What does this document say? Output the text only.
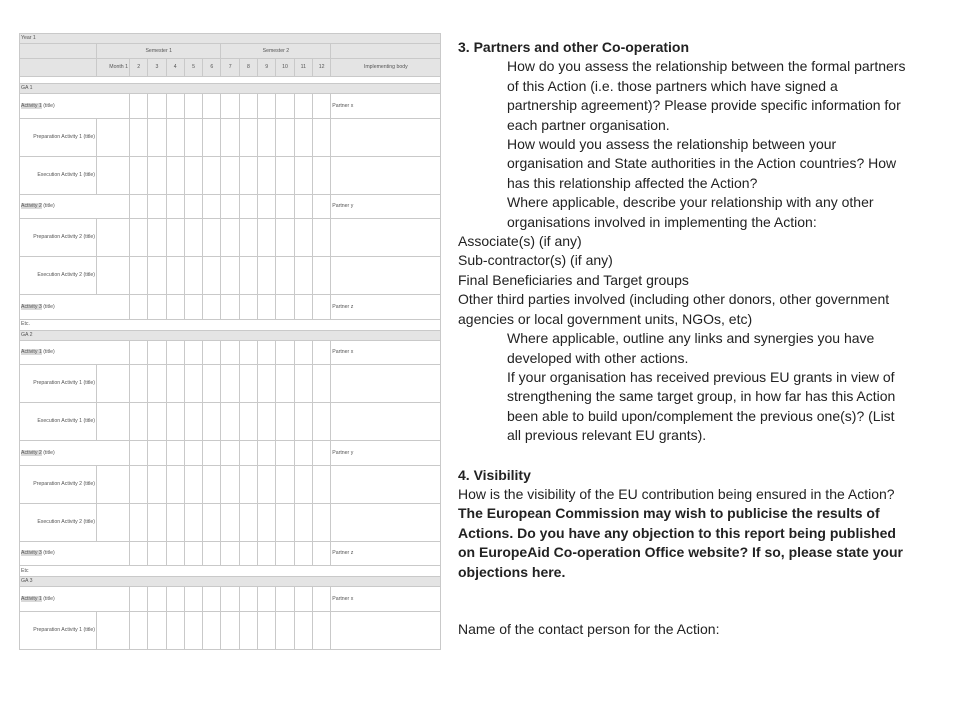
Year 1													
	Semester 1						Semester 2						
	Month 1	2	3	4	5	6	7	8	9	10	11	12	Implementing body

GA 1													
Activity 1 (title)													Partner x
Preparation Activity 1 (title)													
Execution Activity 1 (title)													
Activity 2 (title)													Partner y
Preparation Activity 2 (title)													
Execution Activity 2 (title)													
Activity 3 (title)													Partner z
Etc.													
GA 2													
Activity 1 (title)													Partner x
Preparation Activity 1 (title)													
Execution Activity 1 (title)													
Activity 2 (title)													Partner y
Preparation Activity 2 (title)													
Execution Activity 2 (title)													
Activity 3 (title)													Partner z
Etc													
GA 3													
Activity 1 (title)													Partner x
Preparation Activity 1 (title)													

3. Partners and other Co-operation

How do you assess the relationship between the formal partners of this Action (i.e. those partners which have signed a partnership agreement)? Please provide specific information for each partner organisation.

How would you assess the relationship between your organisation and State authorities in the Action countries? How has this relationship affected the Action?

Where applicable, describe your relationship with any other organisations involved in implementing the Action:

Associate(s) (if any)

Sub-contractor(s) (if any)

Final Beneficiaries and Target groups

Other third parties involved (including other donors, other government agencies or local government units, NGOs, etc)

Where applicable, outline any links and synergies you have developed with other actions.

If your organisation has received previous EU grants in view of strengthening the same target group, in how far has this Action been able to build upon/complement the previous one(s)? (List all previous relevant EU grants).

4. Visibility

How is the visibility of the EU contribution being ensured in the Action?

The European Commission may wish to publicise the results of Actions. Do you have any objection to this report being published on EuropeAid Co-operation Office website? If so, please state your objections here.

Name of the contact person for the Action:
